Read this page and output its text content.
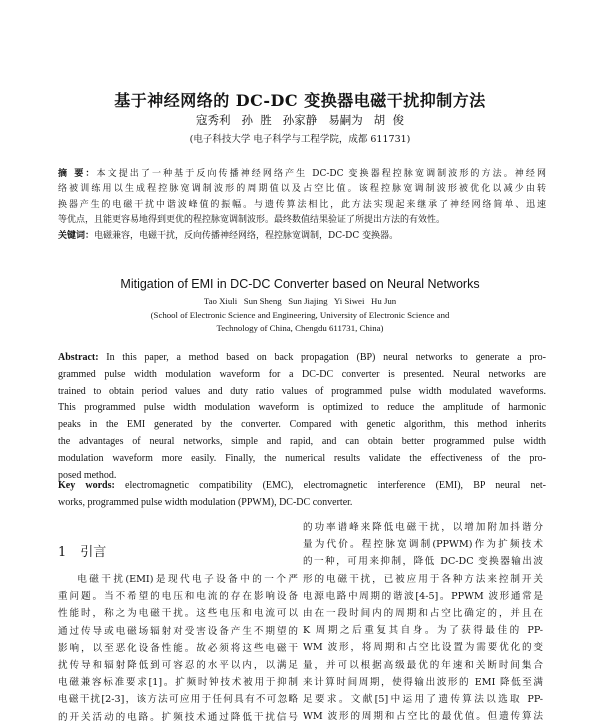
基于神经网络的 DC-DC 变换器电磁干扰抑制方法
寇秀利   孙  胜   孙家静   易嗣为   胡  俊
(电子科技大学 电子科学与工程学院，成都 611731)
摘 要：本文提出了一种基于反向传播神经网络产生 DC-DC 变换器程控脉宽调制波形的方法。神经网
络被训练用以生成程控脉宽调制波形的周期值以及占空比值。该程控脉宽调制波形被优化以减少由转
换器产生的电磁干扰中谐波峰值的振幅。与遗传算法相比，此方法实现起来继承了神经网络简单、迅速
等优点，且能更容易地得到更优的程控脉宽调制波形。最终数值结果验证了所提出方法的有效性。
关键词：电磁兼容，电磁干扰，反向传播神经网络，程控脉宽调制，DC-DC 变换器。
Mitigation of EMI in DC-DC Converter based on Neural Networks
Tao Xiuli   Sun Sheng   Sun Jiajing   Yi Siwei   Hu Jun
(School of Electronic Science and Engineering, University of Electronic Science and
Technology of China, Chengdu 611731, China)
Abstract: In this paper, a method based on back propagation (BP) neural networks to generate a pro-
grammed pulse width modulation waveform for a DC-DC converter is presented. Neural networks are
trained to obtain period values and duty ratio values of programmed pulse width modulated waveforms.
This programmed pulse width modulation waveform is optimized to reduce the amplitude of harmonic
peaks in the EMI generated by the converter. Compared with genetic algorithm, this method inherits
the advantages of neural networks, simple and rapid, and can obtain better programmed pulse width
modulation waveform more easily. Finally, the numerical results validate the effectiveness of the pro-
posed method.
Key words: electromagnetic compatibility (EMC), electromagnetic interference (EMI), BP neural net-
works, programmed pulse width modulation (PPWM), DC-DC converter.
1 引言
电磁干扰(EMI)是现代电子设备中的一个严
重问题。当不希望的电压和电流的存在影响设备
性能时，称之为电磁干扰。这些电压和电流可以
通过传导或电磁场辐射对受害设备产生不期望的
影响，以至恶化设备性能。故必须将这些电磁干
扰传导和辐射降低到可容忍的水平以内，以满足
电磁兼容标准要求[1]。扩频时钟技术被用于抑制
电磁干扰[2-3]，该方法可应用于任何具有不可忽略
的开关活动的电路。扩频技术通过降低干扰信号
的功率谱峰来降低电磁干扰，以增加附加抖谐分
量为代价。程控脉宽调制(PPWM)作为扩频技术
的一种，可用来抑制，降低 DC-DC 变换器输出波
形的电磁干扰，已被应用于各种方法来控制开关
电源电路中周期的谐波[4-5]。PPWM 波形通常是
由在一段时间内的周期和占空比确定的，并且在
K 周期之后重复其自身。为了获得最佳的 PP-
WM 波形，将周期和占空比设置为需要优化的变
量，并可以根据高级最优的年速和关断时间集合
来计算时间周期，使得输出波形的 EMI 降低至满
足要求。文献[5]中运用了遗传算法以选取 PP-
WM 波形的周期和占空比的最优值。但遗传算法
